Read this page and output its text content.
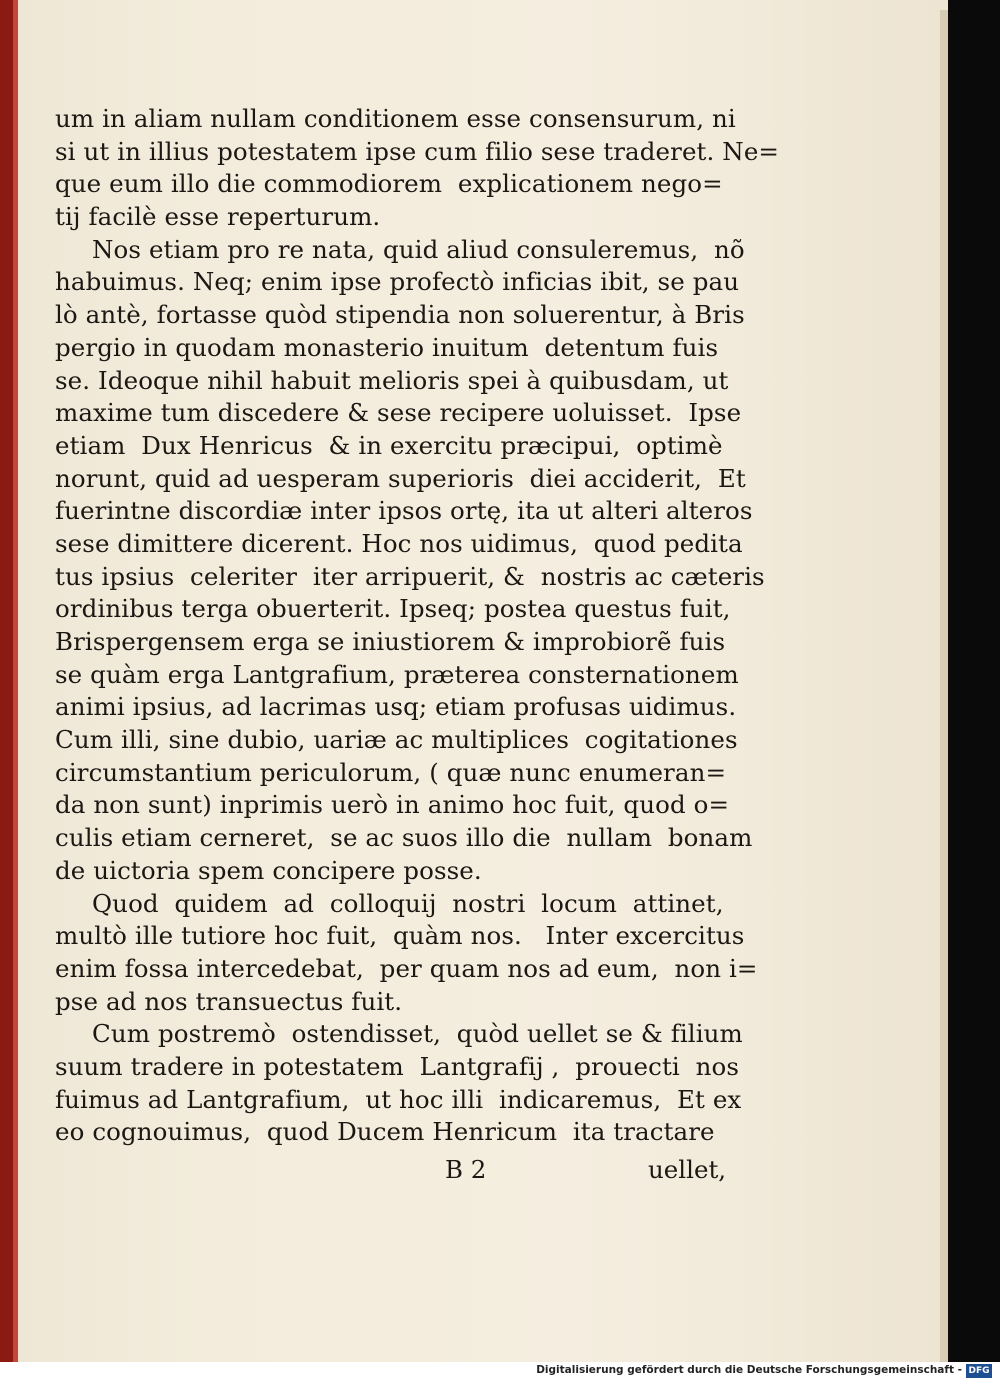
um in aliam nullam conditionem esse consensurum, ni
si ut in illius potestatem ipse cum filio sese traderet. Ne=
que eum illo die commodiorem  explicationem nego=
tij facilè esse reperturum.
Nos etiam pro re nata, quid aliud consuleremus,  nõ
habuimus. Neq; enim ipse profectò inficias ibit, se pau
lò antè, fortasse quòd stipendia non soluerentur, à Bris
pergio in quodam monasterio inuitum  detentum fuis
se. Ideoque nihil habuit melioris spei à quibusdam, ut
maxime tum discedere & sese recipere uoluisset.  Ipse
etiam  Dux Henricus  & in exercitu præcipui,  optimè
norunt, quid ad uesperam superioris  diei acciderit,  Et
fuerintne discordiæ inter ipsos ortę, ita ut alteri alteros
sese dimittere dicerent. Hoc nos uidimus,  quod pedita
tus ipsius  celeriter  iter arripuerit, &  nostris ac cæteris
ordinibus terga obuerterit. Ipseq; postea questus fuit,
Brispergensem erga se iniustiorem & improbiorẽ fuis
se quàm erga Lantgrafium, præterea consternationem
animi ipsius, ad lacrimas usq; etiam profusas uidimus.
Cum illi, sine dubio, uariæ ac multiplices  cogitationes
circumstantium periculorum, ( quæ nunc enumeran=
da non sunt) inprimis uerò in animo hoc fuit, quod o=
culis etiam cerneret,  se ac suos illo die  nullam  bonam
de uictoria spem concipere posse.
Quod  quidem  ad  colloquij  nostri  locum  attinet,
multò ille tutiore hoc fuit,  quàm nos.   Inter excercitus
enim fossa intercedebat,  per quam nos ad eum,  non i=
pse ad nos transuectus fuit.
Cum postremò  ostendisset,  quòd uellet se & filium
suum tradere in potestatem  Lantgrafij ,  prouecti  nos
fuimus ad Lantgrafium,  ut hoc illi  indicaremus,  Et ex
eo cognouimus,  quod Ducem Henricum  ita tractare
B 2	uellet,
Digitalisierung gefördert durch die Deutsche Forschungsgemeinschaft - DFG
